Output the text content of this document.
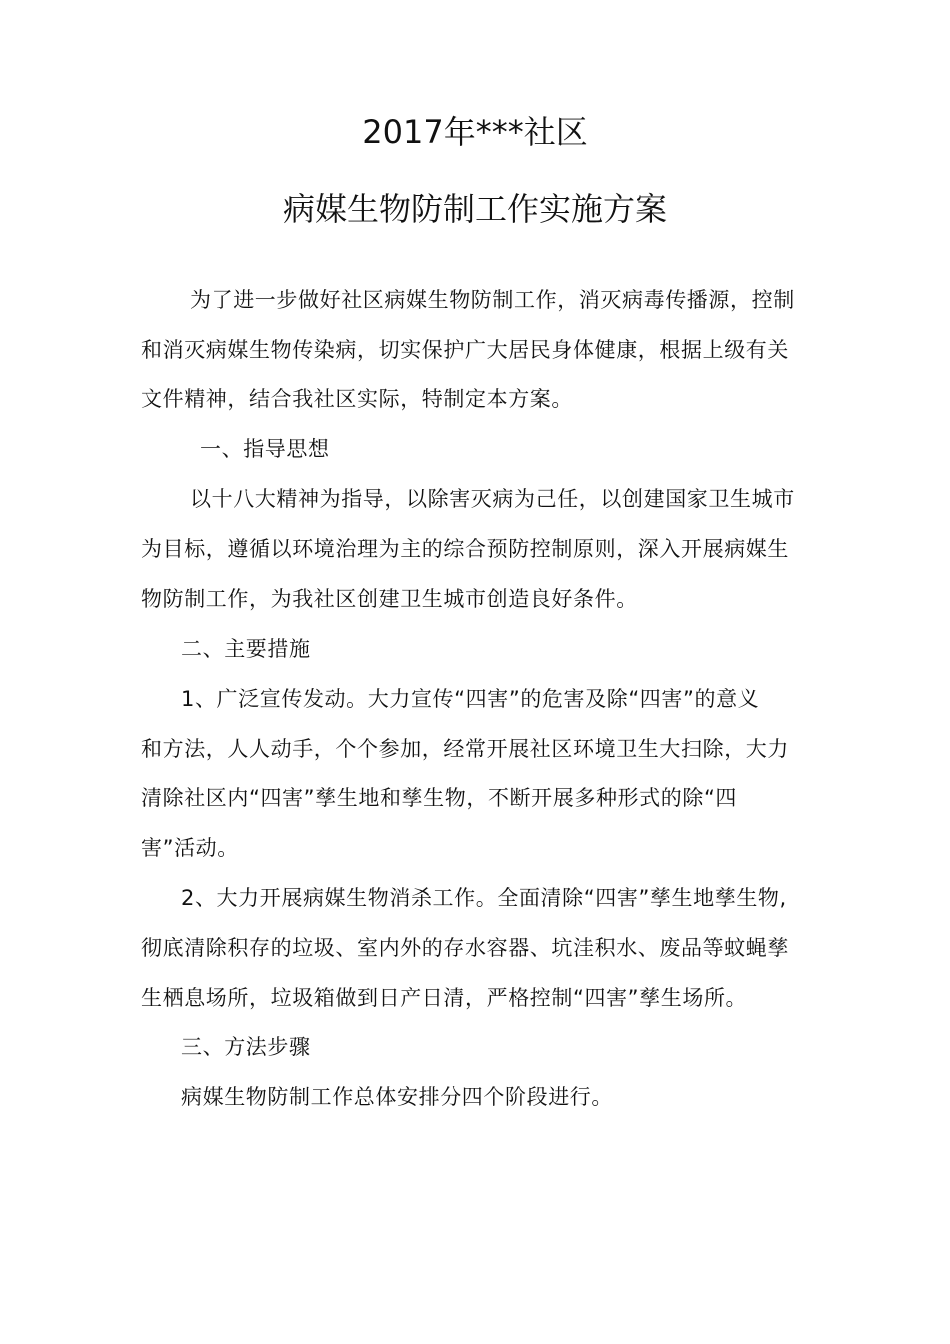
2017年***社区
病媒生物防制工作实施方案
为了进一步做好社区病媒生物防制工作，消灭病毒传播源，控制
和消灭病媒生物传染病，切实保护广大居民身体健康，根据上级有关
文件精神，结合我社区实际，特制定本方案。
一、指导思想
以十八大精神为指导，以除害灭病为己任，以创建国家卫生城市
为目标，遵循以环境治理为主的综合预防控制原则，深入开展病媒生
物防制工作，为我社区创建卫生城市创造良好条件。
二、主要措施
1、广泛宣传发动。大力宣传“四害”的危害及除“四害”的意义
和方法，人人动手，个个参加，经常开展社区环境卫生大扫除，大力
清除社区内“四害”孳生地和孳生物，不断开展多种形式的除“四
害”活动。
2、大力开展病媒生物消杀工作。全面清除“四害”孳生地孳生物,
彻底清除积存的垃圾、室内外的存水容器、坑洼积水、废品等蚊蝇孳
生栖息场所，垃圾箱做到日产日清，严格控制“四害”孳生场所。
三、方法步骤
病媒生物防制工作总体安排分四个阶段进行。
